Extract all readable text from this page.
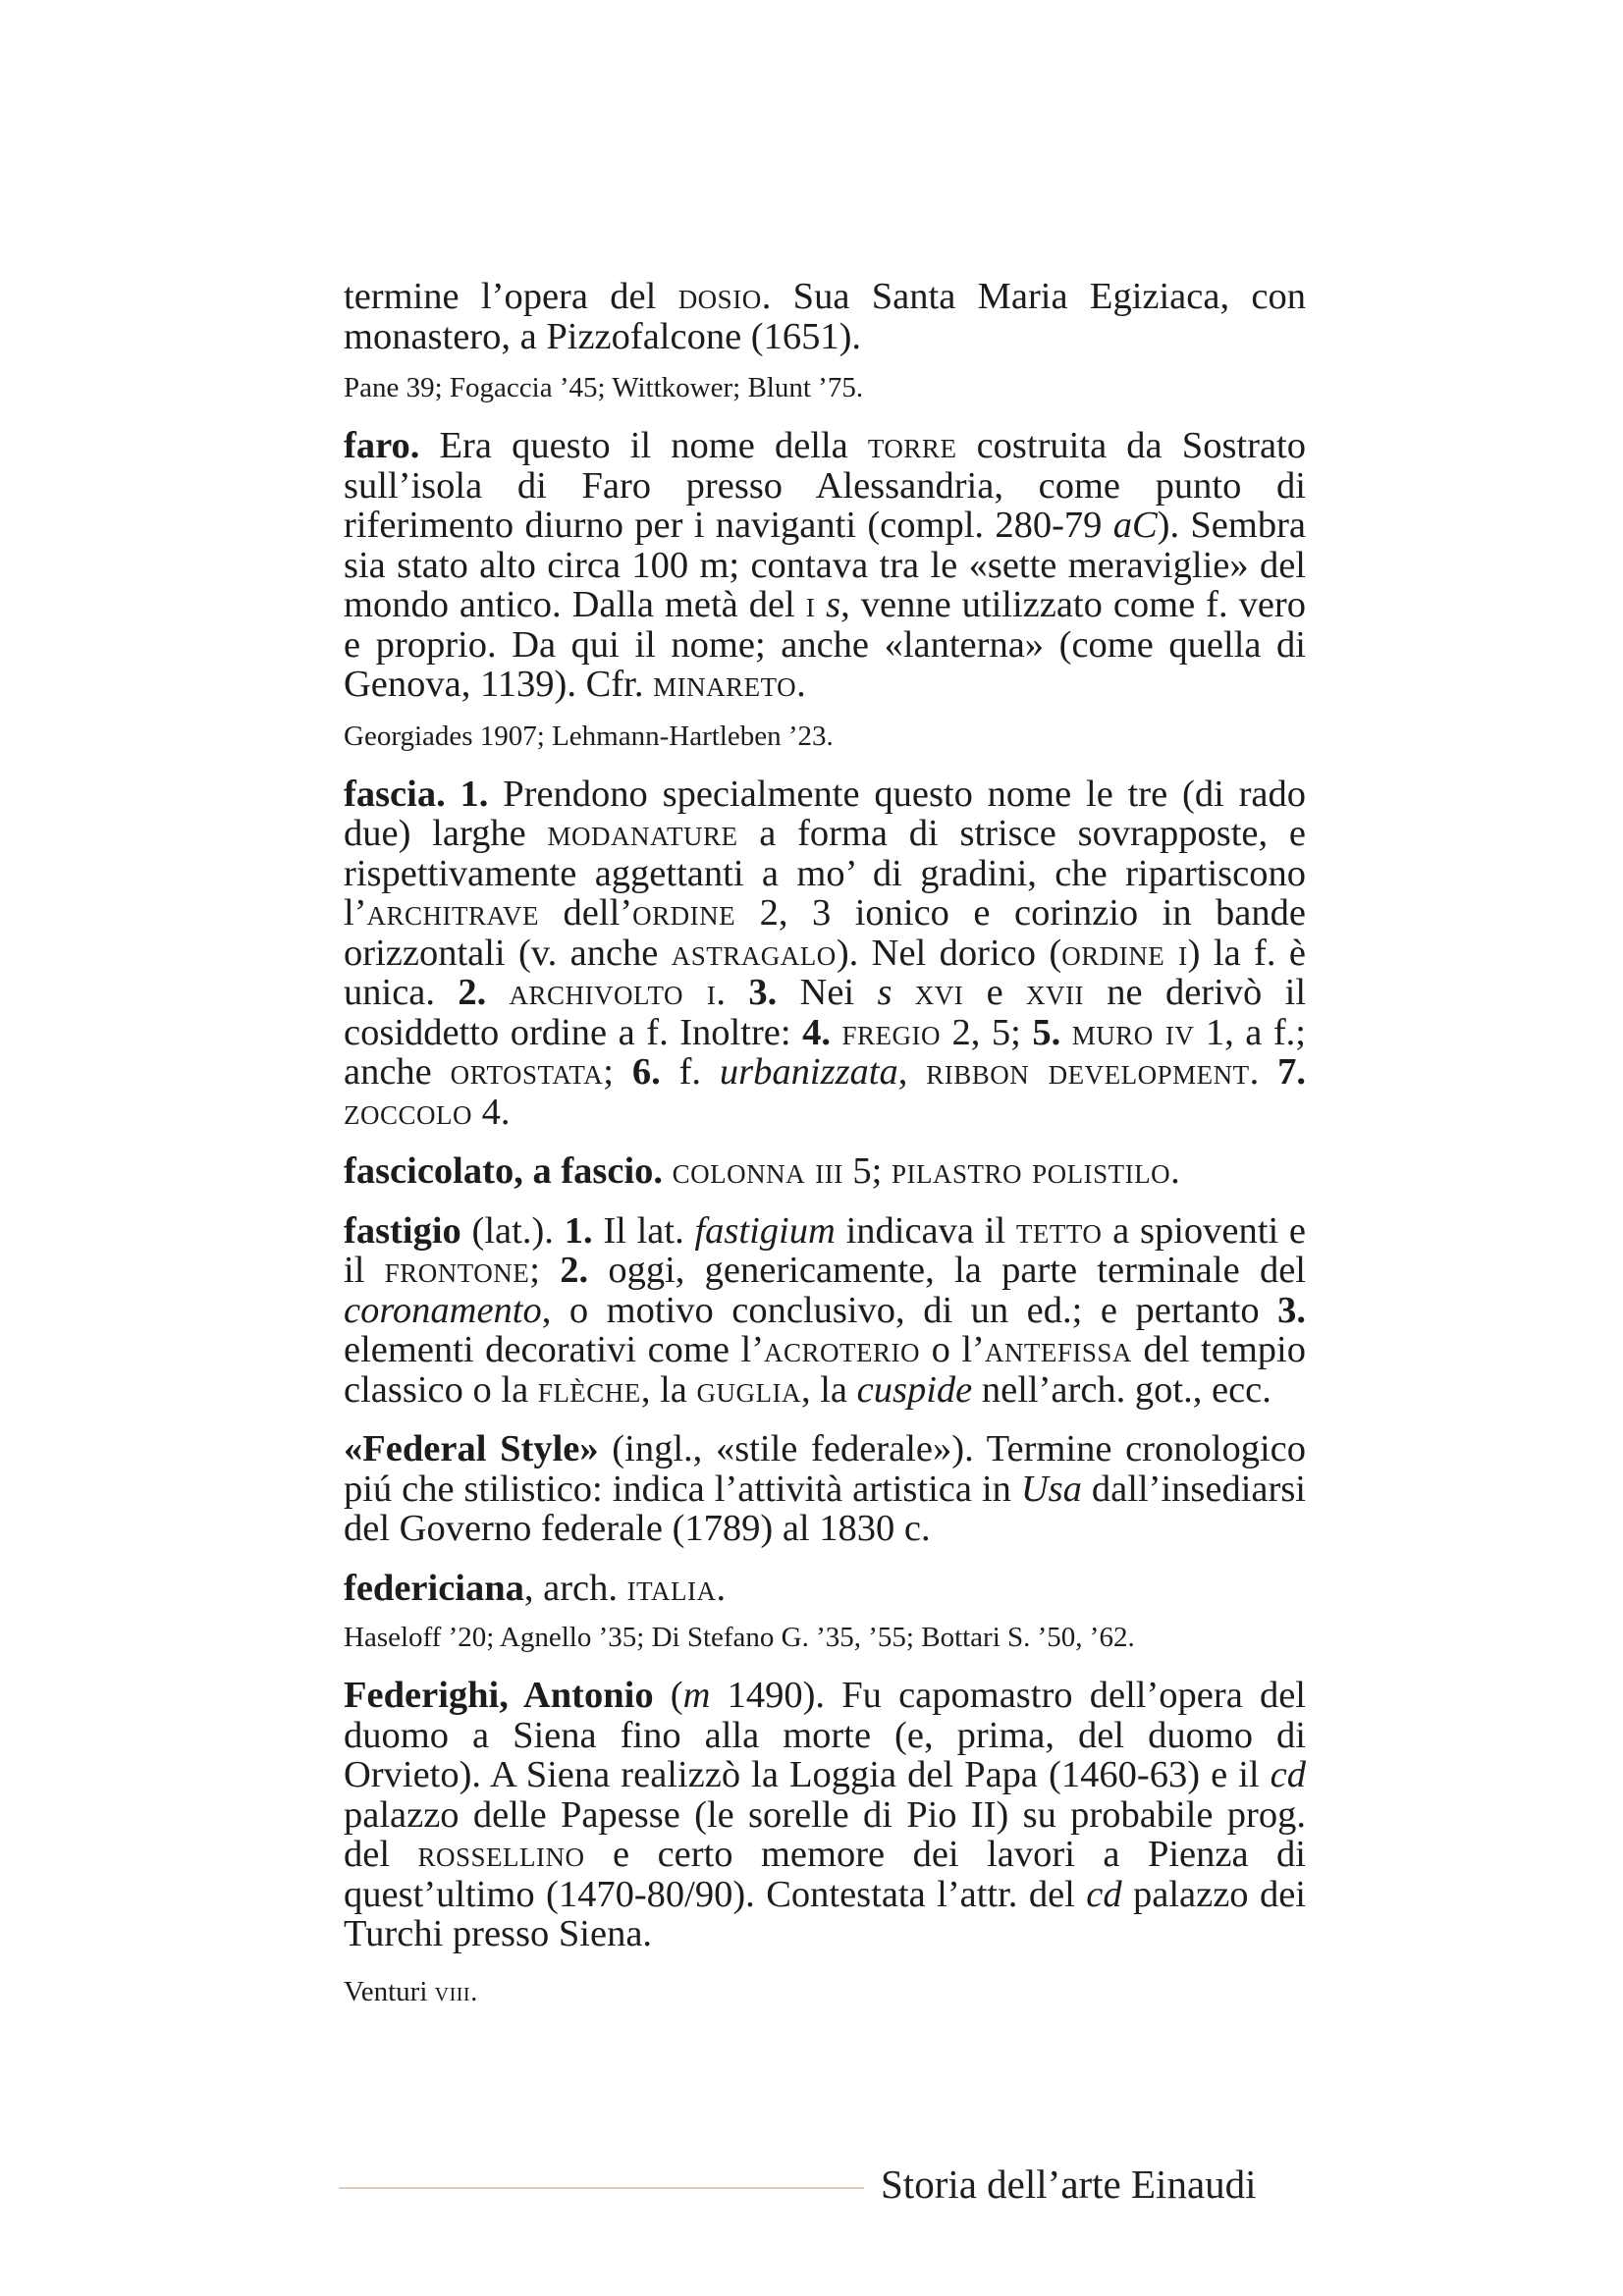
termine l’opera del dosio. Sua Santa Maria Egiziaca, con monastero, a Pizzofalcone (1651).

Pane 39; Fogaccia ’45; Wittkower; Blunt ’75.

faro. Era questo il nome della torre costruita da Sostrato sull’isola di Faro presso Alessandria, come punto di riferimento diurno per i naviganti (compl. 280-79 aC). Sembra sia stato alto circa 100 m; contava tra le «sette meraviglie» del mondo antico. Dalla metà del i s, venne utilizzato come f. vero e proprio. Da qui il nome; anche «lanterna» (come quella di Genova, 1139). Cfr. minareto.

Georgiades 1907; Lehmann-Hartleben ’23.

fascia. 1. Prendono specialmente questo nome le tre (di rado due) larghe modanature a forma di strisce sovrapposte, e rispettivamente aggettanti a mo’ di gradini, che ripartiscono l’architrave dell’ordine 2, 3 ionico e corinzio in bande orizzontali (v. anche astragalo). Nel dorico (ordine i) la f. è unica. 2. archivolto i. 3. Nei s xvi e xvii ne derivò il cosiddetto ordine a f. Inoltre: 4. fregio 2, 5; 5. muro iv 1, a f.; anche ortostata; 6. f. urbanizzata, ribbon development. 7. zoccolo 4.

fascicolato, a fascio. colonna iii 5; pilastro polistilo.

fastigio (lat.). 1. Il lat. fastigium indicava il tetto a spioventi e il frontone; 2. oggi, genericamente, la parte terminale del coronamento, o motivo conclusivo, di un ed.; e pertanto 3. elementi decorativi come l’acroterio o l’antefissa del tempio classico o la flèche, la guglia, la cuspide nell’arch. got., ecc.

«Federal Style» (ingl., «stile federale»). Termine cronologico piú che stilistico: indica l’attività artistica in Usa dall’insediarsi del Governo federale (1789) al 1830 c.

federiciana, arch. italia.

Haseloff ’20; Agnello ’35; Di Stefano G. ’35, ’55; Bottari S. ’50, ’62.

Federighi, Antonio (m 1490). Fu capomastro dell’opera del duomo a Siena fino alla morte (e, prima, del duomo di Orvieto). A Siena realizzò la Loggia del Papa (1460-63) e il cd palazzo delle Papesse (le sorelle di Pio II) su probabile prog. del rossellino e certo memore dei lavori a Pienza di quest’ultimo (1470-80/90). Contestata l’attr. del cd palazzo dei Turchi presso Siena.

Venturi viii.

Storia dell’arte Einaudi
